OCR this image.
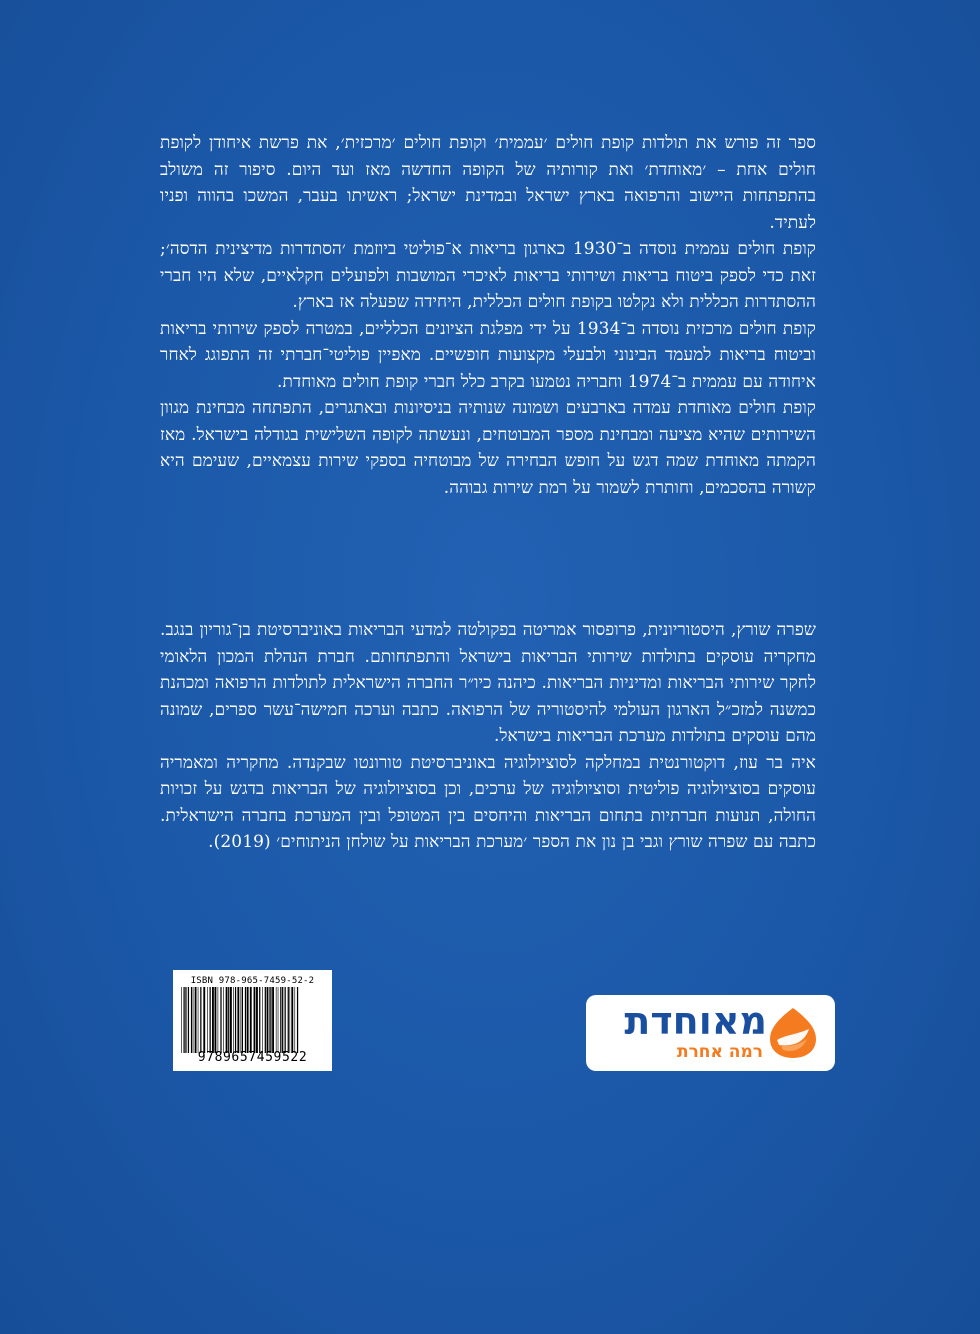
ספר זה פורש את תולדות קופת חולים ׳עממית׳ וקופת חולים ׳מרכזית׳, את פרשת איחודן לקופת חולים אחת – ׳מאוחדת׳ ואת קורותיה של הקופה החדשה מאז ועד היום. סיפור זה משולב בהתפתחות היישוב והרפואה בארץ ישראל ובמדינת ישראל; ראשיתו בעבר, המשכו בהווה ופניו לעתיד.

קופת חולים עממית נוסדה ב־1930 כארגון בריאות א־פוליטי ביוזמת ׳הסתדרות מדיצינית הדסה׳; זאת כדי לספק ביטוח בריאות ושירותי בריאות לאיכרי המושבות ולפועלים חקלאיים, שלא היו חברי ההסתדרות הכללית ולא נקלטו בקופת חולים הכללית, היחידה שפעלה אז בארץ.

קופת חולים מרכזית נוסדה ב־1934 על ידי מפלגת הציונים הכלליים, במטרה לספק שירותי בריאות וביטוח בריאות למעמד הבינוני ולבעלי מקצועות חופשיים. מאפיין פוליטי־חברתי זה התפוגג לאחר איחודה עם עממית ב־1974 וחבריה נטמעו בקרב כלל חברי קופת חולים מאוחדת.

קופת חולים מאוחדת עמדה בארבעים ושמונה שנותיה בניסיונות ובאתגרים, התפתחה מבחינת מגוון השירותים שהיא מציעה ומבחינת מספר המבוטחים, ונעשתה לקופה השלישית בגודלה בישראל. מאז הקמתה מאוחדת שמה דגש על חופש הבחירה של מבוטחיה בספקי שירות עצמאיים, שעימם היא קשורה בהסכמים, וחותרת לשמור על רמת שירות גבוהה.

שפרה שורץ, היסטוריונית, פרופסור אמריטה בפקולטה למדעי הבריאות באוניברסיטת בן־גוריון בנגב. מחקריה עוסקים בתולדות שירותי הבריאות בישראל והתפתחותם. חברת הנהלת המכון הלאומי לחקר שירותי הבריאות ומדיניות הבריאות. כיהנה כיו״ר החברה הישראלית לתולדות הרפואה ומכהנת כמשנה למזכ״ל הארגון העולמי להיסטוריה של הרפואה. כתבה וערכה חמישה־עשר ספרים, שמונה מהם עוסקים בתולדות מערכת הבריאות בישראל.

איה בר עוז, דוקטורנטית במחלקה לסוציולוגיה באוניברסיטת טורונטו שבקנדה. מחקריה ומאמריה עוסקים בסוציולוגיה פוליטית וסוציולוגיה של ערכים, וכן בסוציולוגיה של הבריאות בדגש על זכויות החולה, תנועות חברתיות בתחום הבריאות והיחסים בין המטופל ובין המערכת בחברה הישראלית. כתבה עם שפרה שורץ וגבי בן נון את הספר ׳מערכת הבריאות על שולחן הניתוחים׳ (2019).

ISBN 978-965-7459-52-2
9789657459522
מאוחדת
רמה אחרת
